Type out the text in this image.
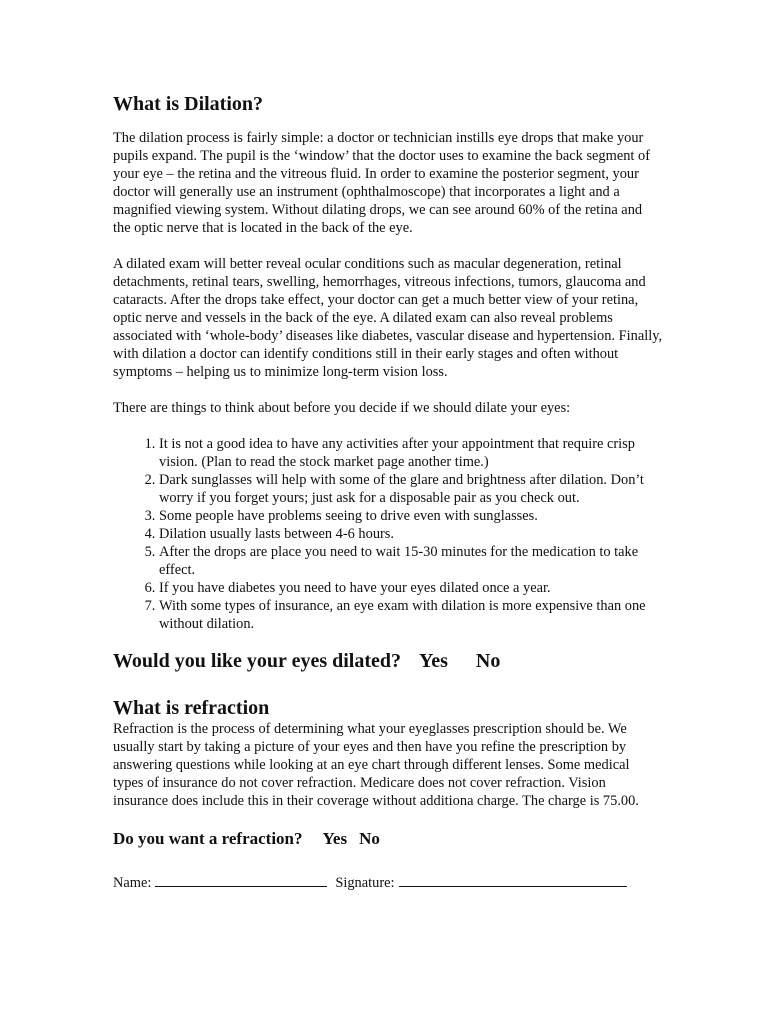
What is Dilation?

The dilation process is fairly simple: a doctor or technician instills eye drops that make your pupils expand. The pupil is the ‘window’ that the doctor uses to examine the back segment of your eye – the retina and the vitreous fluid. In order to examine the posterior segment, your doctor will generally use an instrument (ophthalmoscope) that incorporates a light and a magnified viewing system. Without dilating drops, we can see around 60% of the retina and the optic nerve that is located in the back of the eye.

A dilated exam will better reveal ocular conditions such as macular degeneration, retinal detachments, retinal tears, swelling, hemorrhages, vitreous infections, tumors, glaucoma and cataracts. After the drops take effect, your doctor can get a much better view of your retina, optic nerve and vessels in the back of the eye. A dilated exam can also reveal problems associated with ‘whole-body’ diseases like diabetes, vascular disease and hypertension. Finally, with dilation a doctor can identify conditions still in their early stages and often without symptoms – helping us to minimize long-term vision loss.

There are things to think about before you decide if we should dilate your eyes:

1. It is not a good idea to have any activities after your appointment that require crisp vision. (Plan to read the stock market page another time.)
2. Dark sunglasses will help with some of the glare and brightness after dilation. Don’t worry if you forget yours; just ask for a disposable pair as you check out.
3. Some people have problems seeing to drive even with sunglasses.
4. Dilation usually lasts between 4-6 hours.
5. After the drops are place you need to wait 15-30 minutes for the medication to take effect.
6. If you have diabetes you need to have your eyes dilated once a year.
7. With some types of insurance, an eye exam with dilation is more expensive than one without dilation.
Would you like your eyes dilated? Yes No
What is refraction

Refraction is the process of determining what your eyeglasses prescription should be. We usually start by taking a picture of your eyes and then have you refine the prescription by answering questions while looking at an eye chart through different lenses. Some medical types of insurance do not cover refraction. Medicare does not cover refraction. Vision insurance does include this in their coverage without additiona charge. The charge is 75.00.

Do you want a refraction? Yes No
Name:	Signature:
